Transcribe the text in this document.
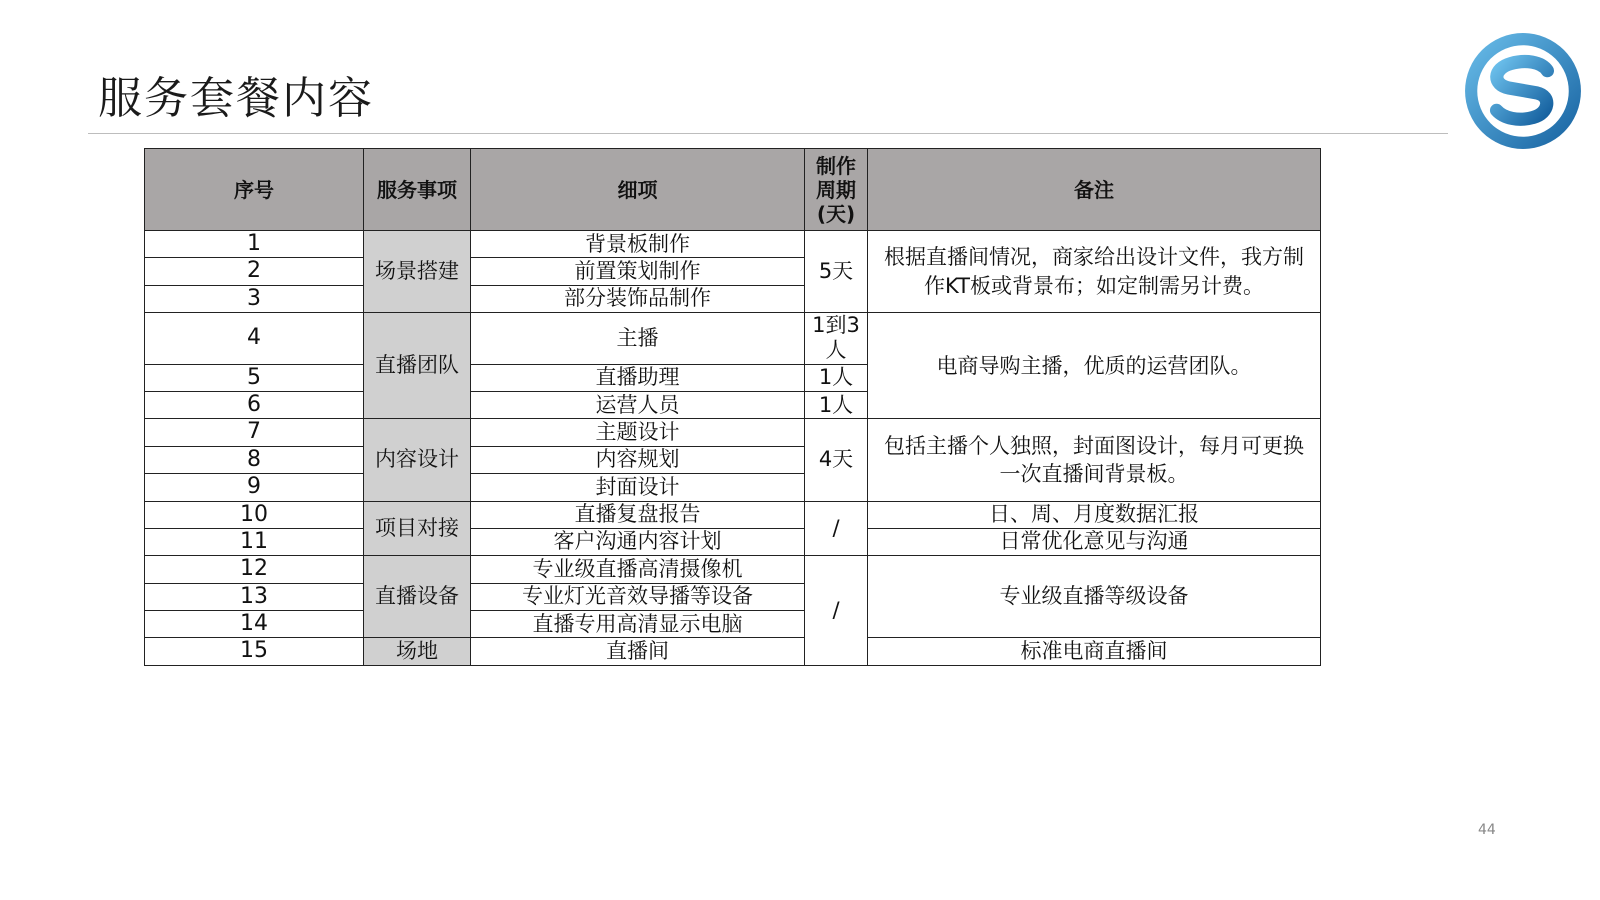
服务套餐内容
序号	服务事项	细项	制作周期(天)	备注
1	场景搭建	背景板制作	5天	根据直播间情况，商家给出设计文件，我方制作KT板或背景布；如定制需另计费。
2		前置策划制作		
3		部分装饰品制作		
4	直播团队	主播	1到3人	电商导购主播，优质的运营团队。
5		直播助理	1人	
6		运营人员	1人	
7	内容设计	主题设计	4天	包括主播个人独照，封面图设计，每月可更换一次直播间背景板。
8		内容规划		
9		封面设计		
10	项目对接	直播复盘报告	/	日、周、月度数据汇报
11		客户沟通内容计划		日常优化意见与沟通
12	直播设备	专业级直播高清摄像机	/	专业级直播等级设备
13		专业灯光音效导播等设备		
14		直播专用高清显示电脑		
15	场地	直播间		标准电商直播间
44
